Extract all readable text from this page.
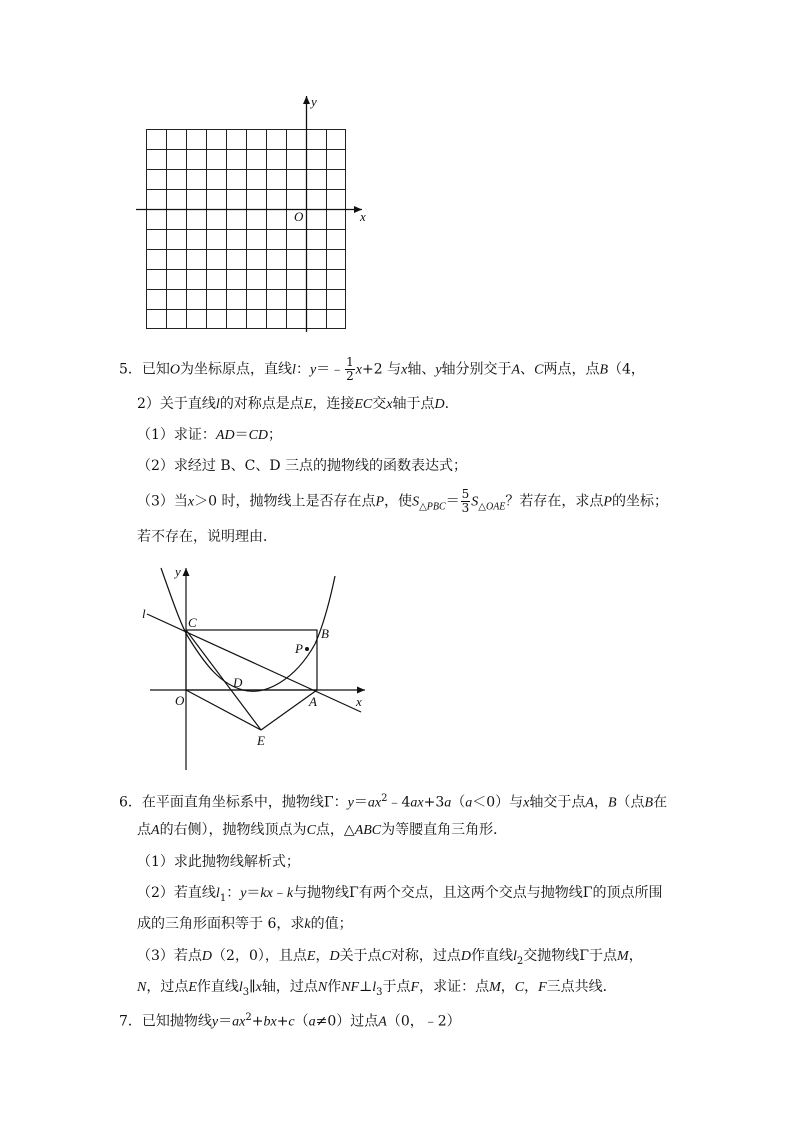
x
y
O
5．已知O为坐标原点，直线l：y＝﹣ $\frac{1}{2} x+2$ 与x轴、y轴分别交于A、C两点，点B（4，
2）关于直线l的对称点是点E，连接EC交x轴于点D.
（1）求证：AD＝CD；
（2）求经过 B、C、D 三点的抛物线的函数表达式；
（3）当x＞0 时，抛物线上是否存在点P，使$S_{\triangle PBC}= \frac{5}{3} S_{\triangle OAE}$？若存在，求点P的坐标；
若不存在，说明理由．
y
l
C
B
P
D
O	A	x
E
6．在平面直角坐标系中，抛物线Γ：$y=ax^2﹣4ax+3a(a<0)$与x轴交于点A，B（点B在
点A的右侧），抛物线顶点为C点，△ABC为等腰直角三角形．
（1）求此抛物线解析式；
（2）若直线$l_1$：y＝kx﹣k与抛物线Γ有两个交点，且这两个交点与抛物线Γ的顶点所围
成的三角形面积等于 6，求k的值；
（3）若点D（2，0），且点E，D关于点C对称，过点D作直线$l_2$交抛物线Γ于点M，
N，过点E作直线$l_3\parallel x$轴，过点N作$NF\perp l_3$于点F，求证：点M，C，F三点共线．
7．已知抛物线$y=ax^2+bx+c(a\ne 0)$过点A（0，﹣2）
